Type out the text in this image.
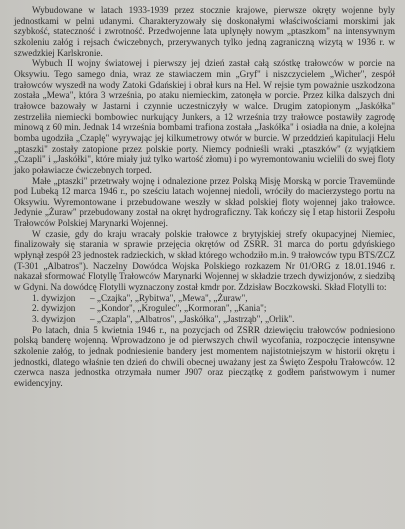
Wybudowane w latach 1933-1939 przez stocznie krajowe, pierwsze okręty wojenne byly jednostkami w pelni udanymi. Charakteryzowały się doskonałymi właściwościami morskimi jak szybkość, stateczność i zwrotność. Przedwojenne lata uplynęły nowym „ptaszkom" na intensywnym szkoleniu załóg i rejsach ćwiczebnych, przerywanych tylko jedną zagraniczną wizytą w 1936 r. w szwedzkiej Karlskronie.

Wybuch II wojny światowej i pierwszy jej dzień zastał całą szóstkę trałowców w porcie na Oksywiu. Tego samego dnia, wraz ze stawiaczem min „Gryf" i niszczycielem „Wicher", zespół trałowców wyszedł na wody Zatoki Gdańskiej i obrał kurs na Hel. W rejsie tym poważnie uszkodzona została „Mewa", która 3 września, po ataku niemieckim, zatonęła w porcie. Przez kilka dalszych dni trałowce bazowały w Jastarni i czynnie uczestniczyły w walce. Drugim zatopionym „Jaskółka" zestrzeliła niemiecki bombowiec nurkujący Junkers, a 12 września trzy trałowce postawiły zagrodę minową z 60 min. Jednak 14 września bombami trafiona została „Jaskółka" i osiadła na dnie, a kolejna bomba ugodziła „Czaplę" wyrywając jej kilkumetrowy otwór w burcie. W przeddzień kapitulacji Helu „ptaszki" zostały zatopione przez polskie porty. Niemcy podnieśli wraki „ptaszków" (z wyjątkiem „Czapli" i „Jaskółki", które miały już tylko wartość złomu) i po wyremontowaniu wcielili do swej floty jako poławiacze ćwiczebnych torped.

Małe „ptaszki" przetrwały wojnę i odnalezione przez Polską Misję Morską w porcie Travemünde pod Lubeką 12 marca 1946 r., po sześciu latach wojennej niedoli, wróciły do macierzystego portu na Oksywiu. Wyremontowane i przebudowane weszły w skład polskiej floty wojennej jako trałowce. Jedynie „Żuraw" przebudowany został na okręt hydrograficzny. Tak kończy się I etap historii Zespołu Trałowców Polskiej Marynarki Wojennej.

W czasie, gdy do kraju wracały polskie trałowce z brytyjskiej strefy okupacyjnej Niemiec, finalizowały się starania w sprawie przejęcia okrętów od ZSRR. 31 marca do portu gdyńskiego wpłynął zespół 23 jednostek radzieckich, w skład którego wchodziło m.in. 9 trałowców typu BTS/ZCZ (T-301 „Albatros"). Naczelny Dowódca Wojska Polskiego rozkazem Nr 01/ORG z 18.01.1946 r. nakazał sformować Flotyllę Trałowców Marynarki Wojennej w składzie trzech dywizjonów, z siedzibą w Gdyni. Na dowódcę Flotylli wyznaczony został kmdr por. Zdzisław Boczkowski. Skład Flotylli to:

1. dywizjon	– „Czajka", „Rybitwa", „Mewa", „Żuraw",
2. dywizjon	– „Kondor", „Krogulec", „Kormoran", „Kania";
3. dywizjon	– „Czapla", „Albatros", „Jaskółka", „Jastrząb", „Orlik".

Po latach, dnia 5 kwietnia 1946 r., na pozycjach od ZSRR dziewięciu trałowców podniesiono polską banderę wojenną. Wprowadzono je od pierwszych chwil wycofania, rozpoczęcie intensywne szkolenie załóg, to jednak podniesienie bandery jest momentem najistotniejszym w historii okrętu i jednostki, dlatego właśnie ten dzień do chwili obecnej uważany jest za Święto Zespołu Trałowców. 12 czerwca nasza jednostka otrzymała numer J907 oraz pieczątkę z godłem państwowym i numer ewidencyjny.
